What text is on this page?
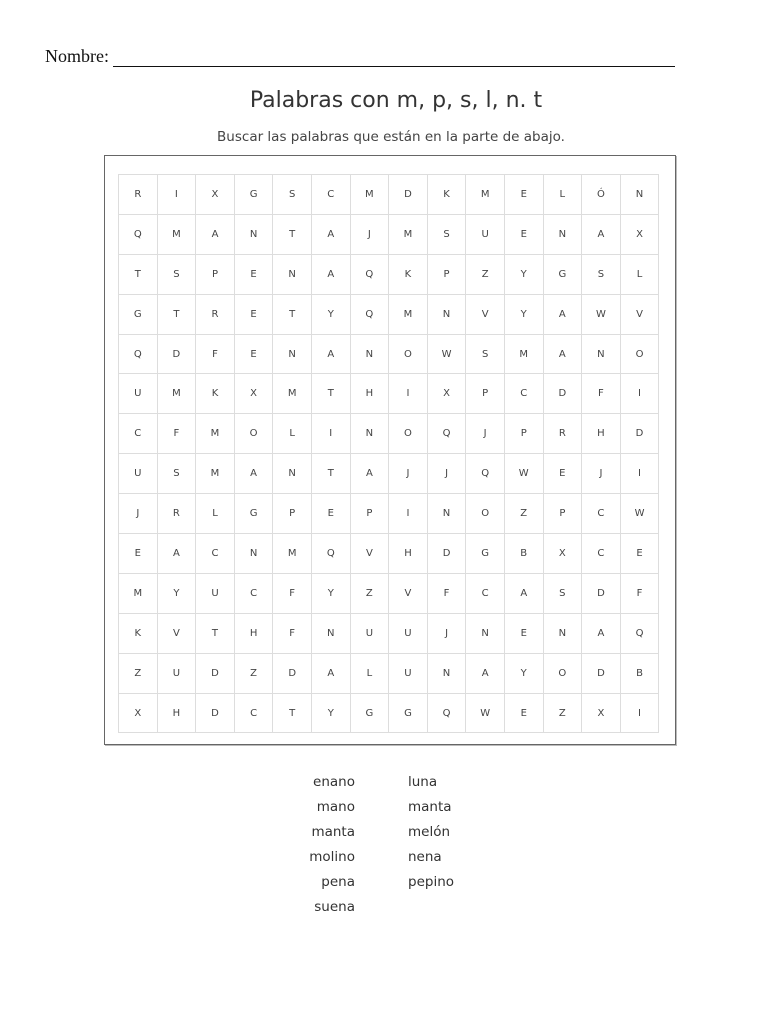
Nombre:
Palabras con m, p, s, l, n. t
Buscar las palabras que están en la parte de abajo.
R	I	X	G	S	C	M	D	K	M	E	L	Ó	N
Q	M	A	N	T	A	J	M	S	U	E	N	A	X
T	S	P	E	N	A	Q	K	P	Z	Y	G	S	L
G	T	R	E	T	Y	Q	M	N	V	Y	A	W	V
Q	D	F	E	N	A	N	O	W	S	M	A	N	O
U	M	K	X	M	T	H	I	X	P	C	D	F	I
C	F	M	O	L	I	N	O	Q	J	P	R	H	D
U	S	M	A	N	T	A	J	J	Q	W	E	J	I
J	R	L	G	P	E	P	I	N	O	Z	P	C	W
E	A	C	N	M	Q	V	H	D	G	B	X	C	E
M	Y	U	C	F	Y	Z	V	F	C	A	S	D	F
K	V	T	H	F	N	U	U	J	N	E	N	A	Q
Z	U	D	Z	D	A	L	U	N	A	Y	O	D	B
X	H	D	C	T	Y	G	G	Q	W	E	Z	X	I
enano
mano
manta
molino
pena
suena
luna
manta
melón
nena
pepino
